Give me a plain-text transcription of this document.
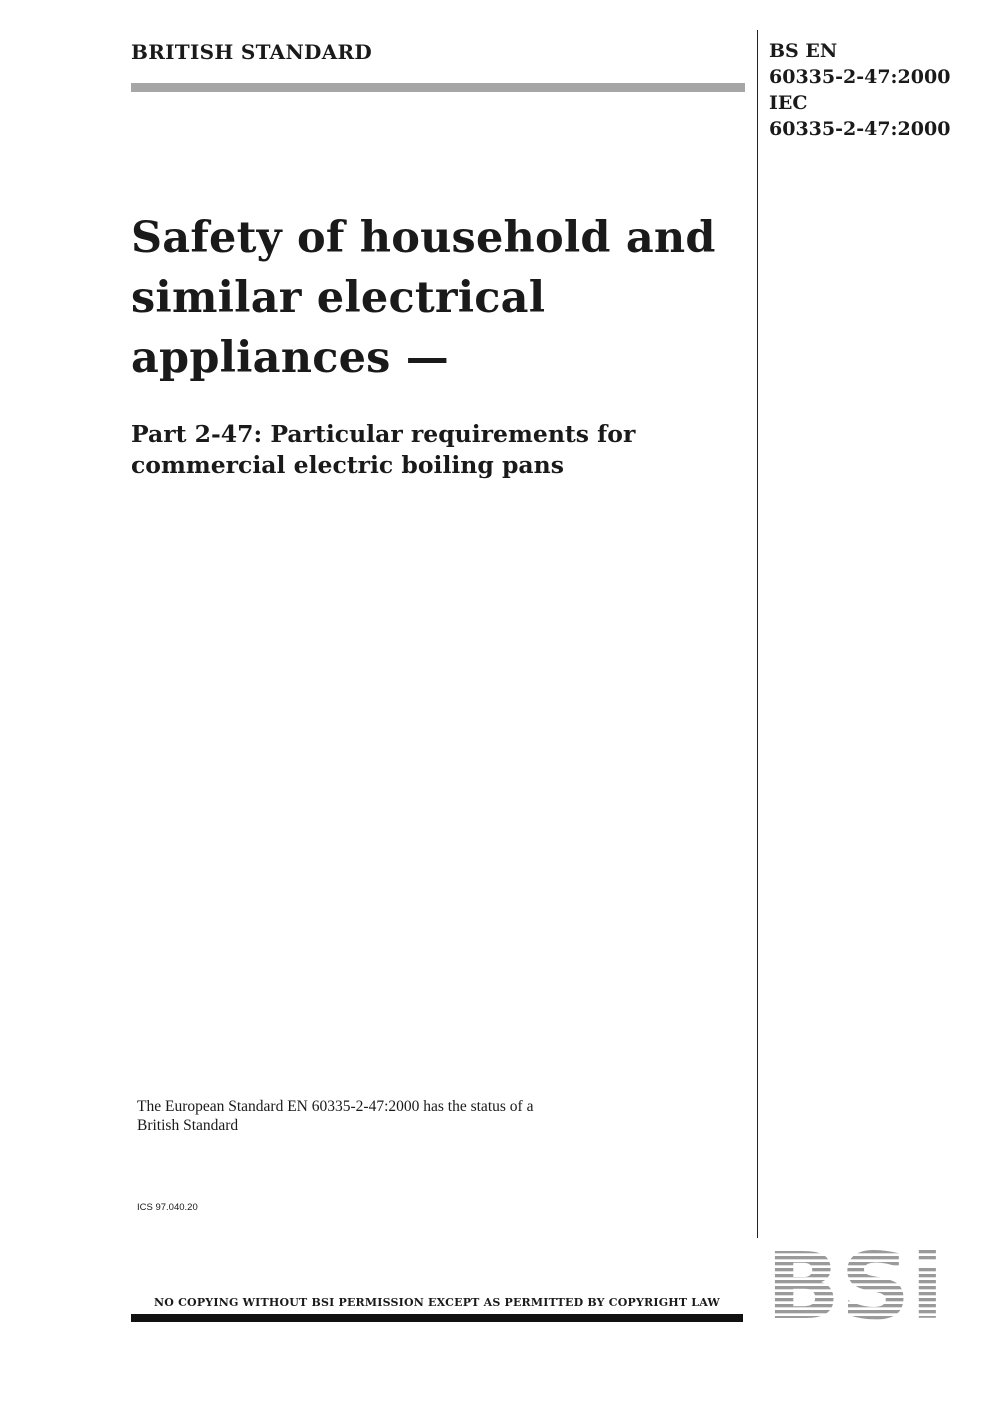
BRITISH STANDARD	BS EN
60335-2-47:2000
IEC
60335-2-47:2000
Safety of household and
similar electrical
appliances —
Part 2-47: Particular requirements for
commercial electric boiling pans
The European Standard EN 60335-2-47:2000 has the status of a
British Standard
ICS 97.040.20
NO COPYING WITHOUT BSI PERMISSION EXCEPT AS PERMITTED BY COPYRIGHT LAW
